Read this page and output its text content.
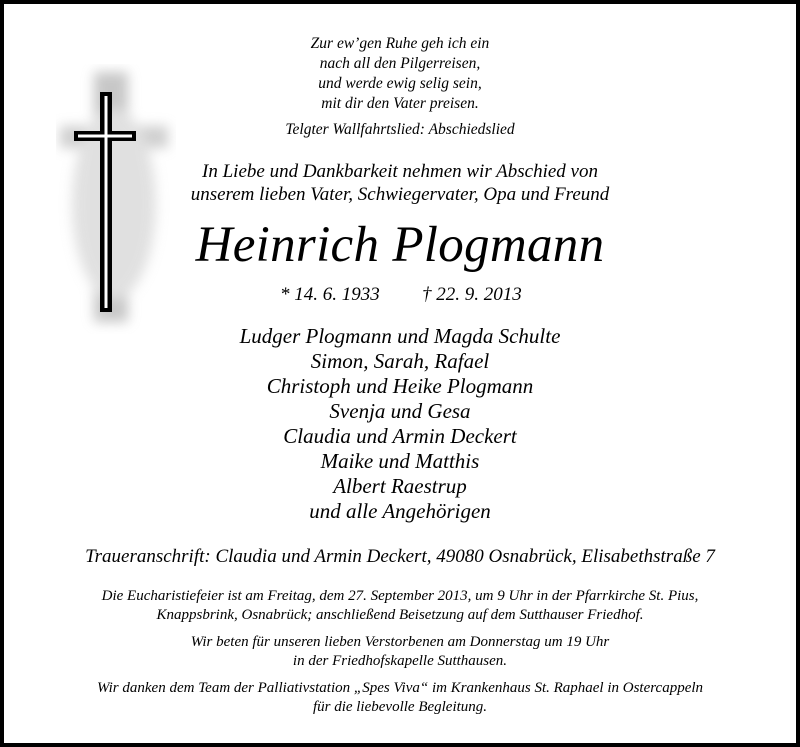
Zur ew’gen Ruhe geh ich ein
nach all den Pilgerreisen,
und werde ewig selig sein,
mit dir den Vater preisen.
Telgter Wallfahrtslied: Abschiedslied
In Liebe und Dankbarkeit nehmen wir Abschied von
unserem lieben Vater, Schwiegervater, Opa und Freund
Heinrich Plogmann
* 14. 6. 1933 † 22. 9. 2013
Ludger Plogmann und Magda Schulte
Simon, Sarah, Rafael
Christoph und Heike Plogmann
Svenja und Gesa
Claudia und Armin Deckert
Maike und Matthis
Albert Raestrup
und alle Angehörigen
Traueranschrift: Claudia und Armin Deckert, 49080 Osnabrück, Elisabethstraße 7
Die Eucharistiefeier ist am Freitag, dem 27. September 2013, um 9 Uhr in der Pfarrkirche St. Pius,
Knappsbrink, Osnabrück; anschließend Beisetzung auf dem Sutthauser Friedhof.
Wir beten für unseren lieben Verstorbenen am Donnerstag um 19 Uhr
in der Friedhofskapelle Sutthausen.
Wir danken dem Team der Palliativstation „Spes Viva“ im Krankenhaus St. Raphael in Ostercappeln
für die liebevolle Begleitung.
